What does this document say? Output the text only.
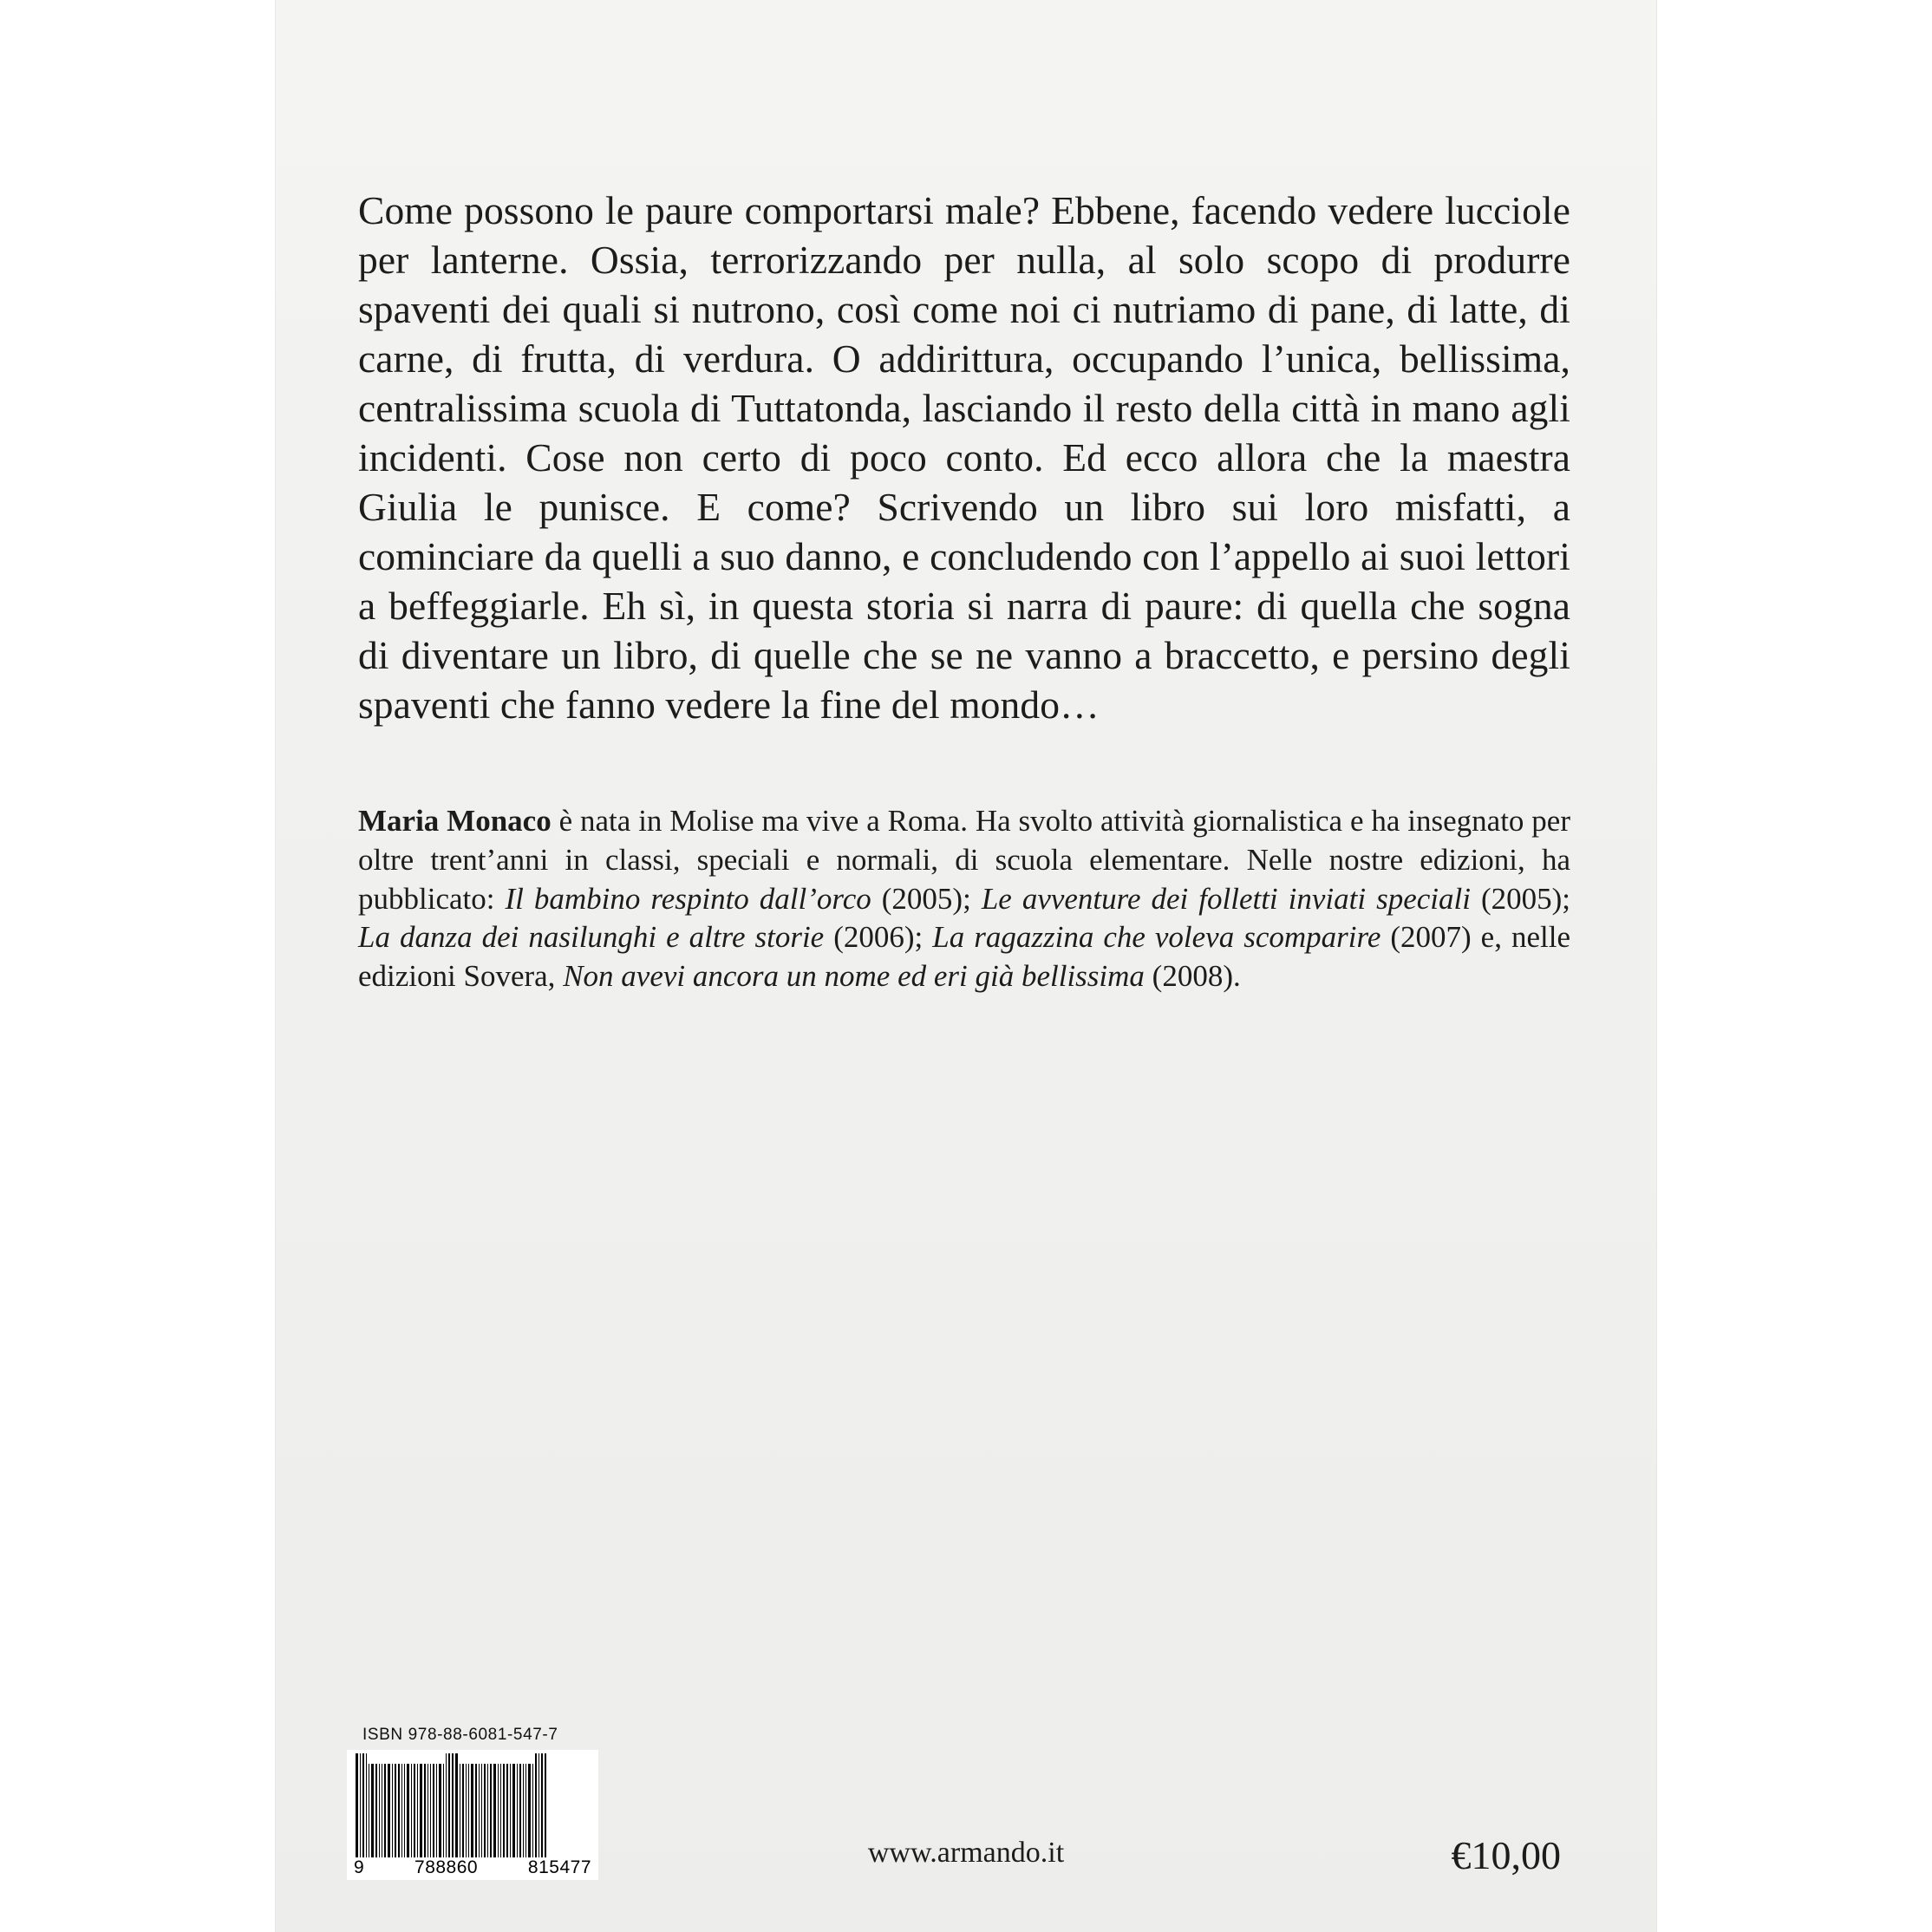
Come possono le paure comportarsi male? Ebbene, facendo vedere lucciole per lanterne. Ossia, terrorizzando per nulla, al solo scopo di produrre spaventi dei quali si nutrono, così come noi ci nutriamo di pane, di latte, di carne, di frutta, di verdura. O addirittura, occupando l’unica, bellissima, centralissima scuola di Tuttatonda, lasciando il resto della città in mano agli incidenti. Cose non certo di poco conto. Ed ecco allora che la maestra Giulia le punisce. E come? Scrivendo un libro sui loro misfatti, a cominciare da quelli a suo danno, e concludendo con l’appello ai suoi lettori a beffeggiarle. Eh sì, in questa storia si narra di paure: di quella che sogna di diventare un libro, di quelle che se ne vanno a braccetto, e persino degli spaventi che fanno vedere la fine del mondo…

Maria Monaco è nata in Molise ma vive a Roma. Ha svolto attività giornalistica e ha insegnato per oltre trent’anni in classi, speciali e normali, di scuola elementare. Nelle nostre edizioni, ha pubblicato: Il bambino respinto dall’orco (2005); Le avventure dei folletti inviati speciali (2005); La danza dei nasilunghi e altre storie (2006); La ragazzina che voleva scomparire (2007) e, nelle edizioni Sovera, Non avevi ancora un nome ed eri già bellissima (2008).

ISBN 978-88-6081-547-7
9	788860	815477	www.armando.it	€10,00
